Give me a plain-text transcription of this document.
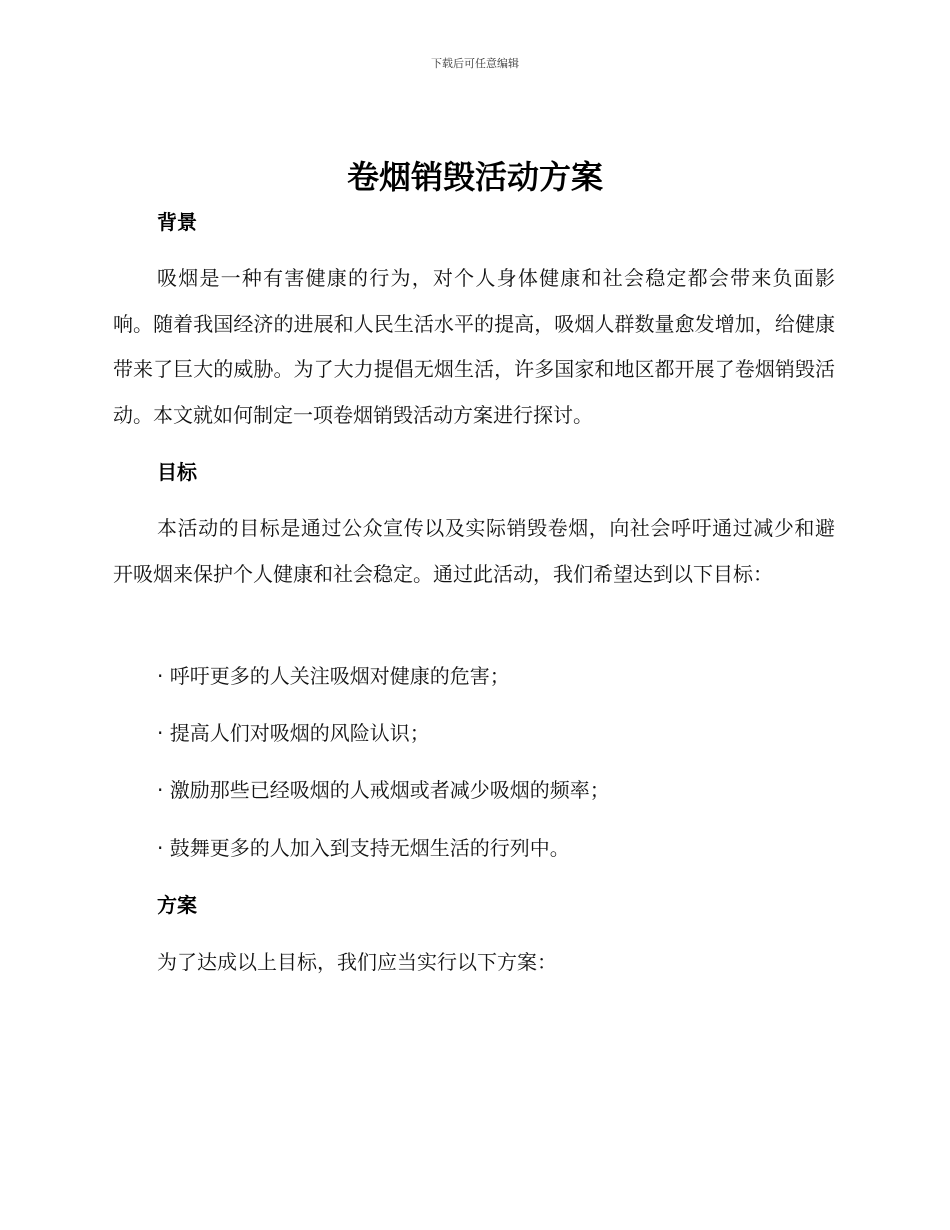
下载后可任意编辑
卷烟销毁活动方案
背景

吸烟是一种有害健康的行为，对个人身体健康和社会稳定都会带来负面影响。随着我国经济的进展和人民生活水平的提高，吸烟人群数量愈发增加，给健康带来了巨大的威胁。为了大力提倡无烟生活，许多国家和地区都开展了卷烟销毁活动。本文就如何制定一项卷烟销毁活动方案进行探讨。

目标

本活动的目标是通过公众宣传以及实际销毁卷烟，向社会呼吁通过减少和避开吸烟来保护个人健康和社会稳定。通过此活动，我们希望达到以下目标：

· 呼吁更多的人关注吸烟对健康的危害；
· 提高人们对吸烟的风险认识；
· 激励那些已经吸烟的人戒烟或者减少吸烟的频率；
· 鼓舞更多的人加入到支持无烟生活的行列中。
方案
为了达成以上目标，我们应当实行以下方案：
